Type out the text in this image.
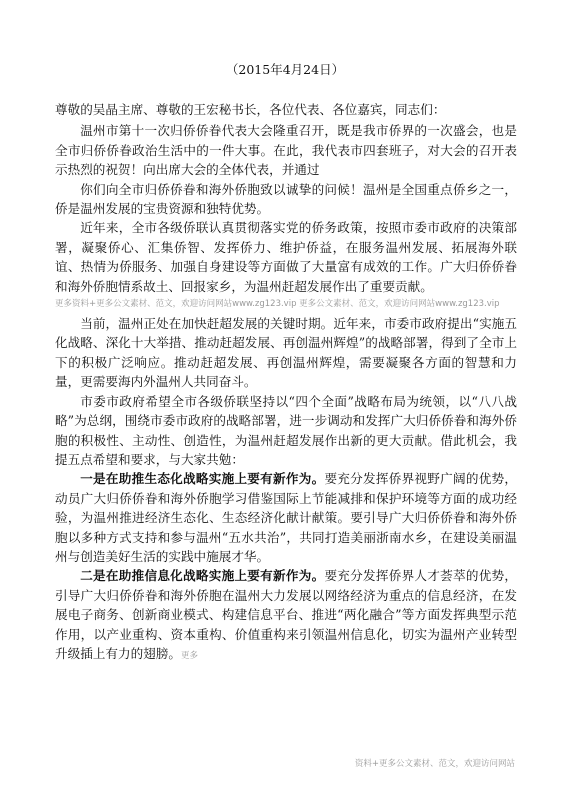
（2015年4月24日）

尊敬的吴晶主席、尊敬的王宏秘书长，各位代表、各位嘉宾，同志们：

温州市第十一次归侨侨眷代表大会隆重召开，既是我市侨界的一次盛会，也是全市归侨侨眷政治生活中的一件大事。在此，我代表市四套班子，对大会的召开表示热烈的祝贺！向出席大会的全体代表，并通过

你们向全市归侨侨眷和海外侨胞致以诚挚的问候！温州是全国重点侨乡之一，侨是温州发展的宝贵资源和独特优势。

近年来，全市各级侨联认真贯彻落实党的侨务政策，按照市委市政府的决策部署，凝聚侨心、汇集侨智、发挥侨力、维护侨益，在服务温州发展、拓展海外联谊、热情为侨服务、加强自身建设等方面做了大量富有成效的工作。广大归侨侨眷和海外侨胞情系故土、回报家乡，为温州赶超发展作出了重要贡献。

更多资料+更多公文素材、范文，欢迎访问网站www.zg123.vip 更多公文素材、范文，欢迎访问网站www.zg123.vip

当前，温州正处在加快赶超发展的关键时期。近年来，市委市政府提出“实施五化战略、深化十大举措、推动赶超发展、再创温州辉煌”的战略部署，得到了全市上下的积极广泛响应。推动赶超发展、再创温州辉煌，需要凝聚各方面的智慧和力量，更需要海内外温州人共同奋斗。

市委市政府希望全市各级侨联坚持以“四个全面”战略布局为统领，以“八八战略”为总纲，围绕市委市政府的战略部署，进一步调动和发挥广大归侨侨眷和海外侨胞的积极性、主动性、创造性，为温州赶超发展作出新的更大贡献。借此机会，我提五点希望和要求，与大家共勉：

一是在助推生态化战略实施上要有新作为。要充分发挥侨界视野广阔的优势，动员广大归侨侨眷和海外侨胞学习借鉴国际上节能减排和保护环境等方面的成功经验，为温州推进经济生态化、生态经济化献计献策。要引导广大归侨侨眷和海外侨胞以多种方式支持和参与温州“五水共治”，共同打造美丽浙南水乡，在建设美丽温州与创造美好生活的实践中施展才华。

二是在助推信息化战略实施上要有新作为。要充分发挥侨界人才荟萃的优势，引导广大归侨侨眷和海外侨胞在温州大力发展以网络经济为重点的信息经济，在发展电子商务、创新商业模式、构建信息平台、推进“两化融合”等方面发挥典型示范作用，以产业重构、资本重构、价值重构来引领温州信息化，切实为温州产业转型升级插上有力的翅膀。更多

资料+更多公文素材、范文，欢迎访问网站
